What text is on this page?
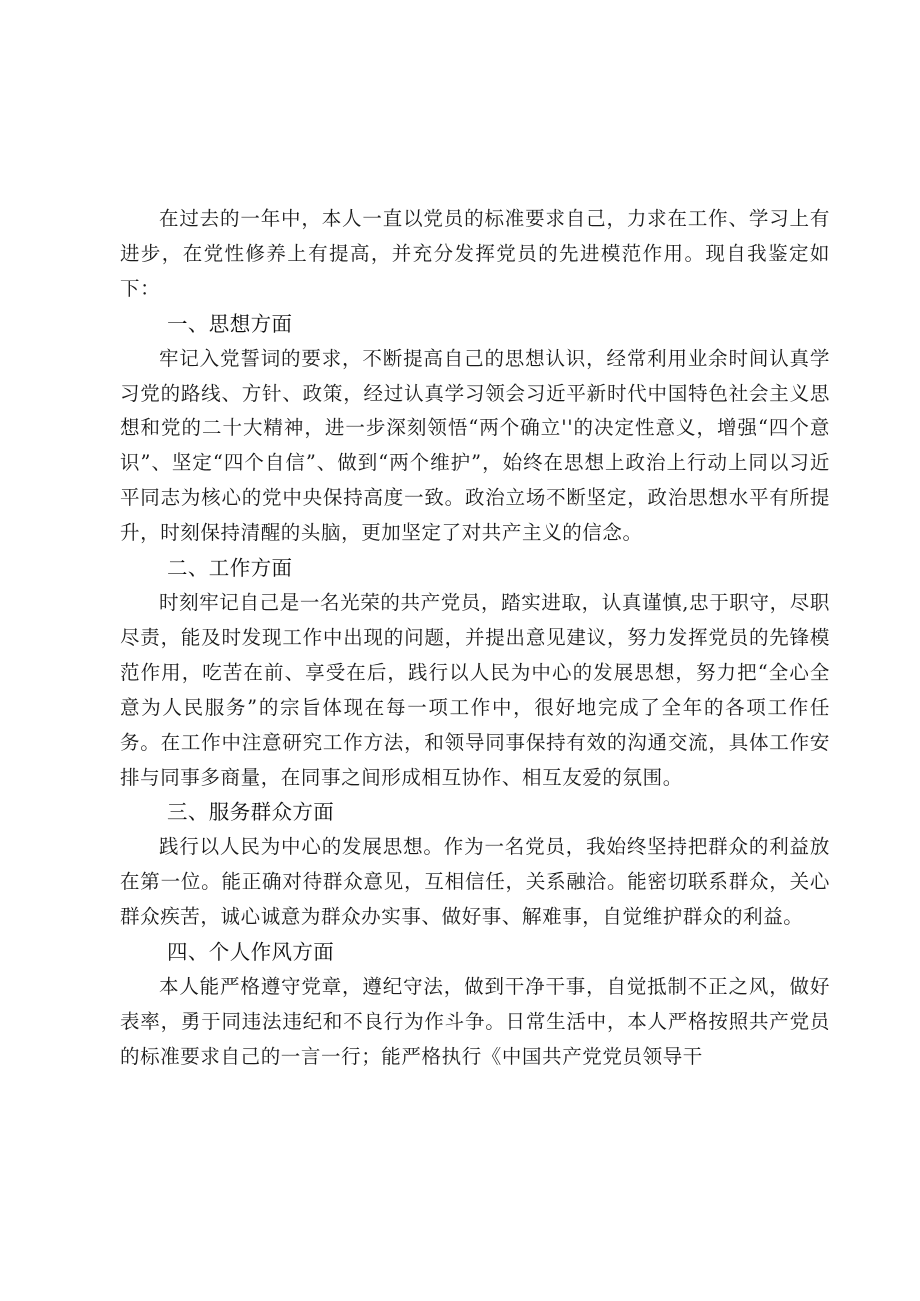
在过去的一年中，本人一直以党员的标准要求自己，力求在工作、学习上有进步，在党性修养上有提高，并充分发挥党员的先进模范作用。现自我鉴定如下：

一、思想方面

牢记入党誓词的要求，不断提高自己的思想认识，经常利用业余时间认真学习党的路线、方针、政策，经过认真学习领会习近平新时代中国特色社会主义思想和党的二十大精神，进一步深刻领悟“两个确立''的决定性意义，增强“四个意识”、坚定“四个自信”、做到“两个维护”，始终在思想上政治上行动上同以习近平同志为核心的党中央保持高度一致。政治立场不断坚定，政治思想水平有所提升，时刻保持清醒的头脑，更加坚定了对共产主义的信念。

二、工作方面

时刻牢记自己是一名光荣的共产党员，踏实进取，认真谨慎,忠于职守，尽职尽责，能及时发现工作中出现的问题，并提出意见建议，努力发挥党员的先锋模范作用，吃苦在前、享受在后，践行以人民为中心的发展思想，努力把“全心全意为人民服务”的宗旨体现在每一项工作中，很好地完成了全年的各项工作任务。在工作中注意研究工作方法，和领导同事保持有效的沟通交流，具体工作安排与同事多商量，在同事之间形成相互协作、相互友爱的氛围。

三、服务群众方面

践行以人民为中心的发展思想。作为一名党员，我始终坚持把群众的利益放在第一位。能正确对待群众意见，互相信任，关系融洽。能密切联系群众，关心群众疾苦，诚心诚意为群众办实事、做好事、解难事，自觉维护群众的利益。

四、个人作风方面

本人能严格遵守党章，遵纪守法，做到干净干事，自觉抵制不正之风，做好表率，勇于同违法违纪和不良行为作斗争。日常生活中，本人严格按照共产党员的标准要求自己的一言一行；能严格执行《中国共产党党员领导干
